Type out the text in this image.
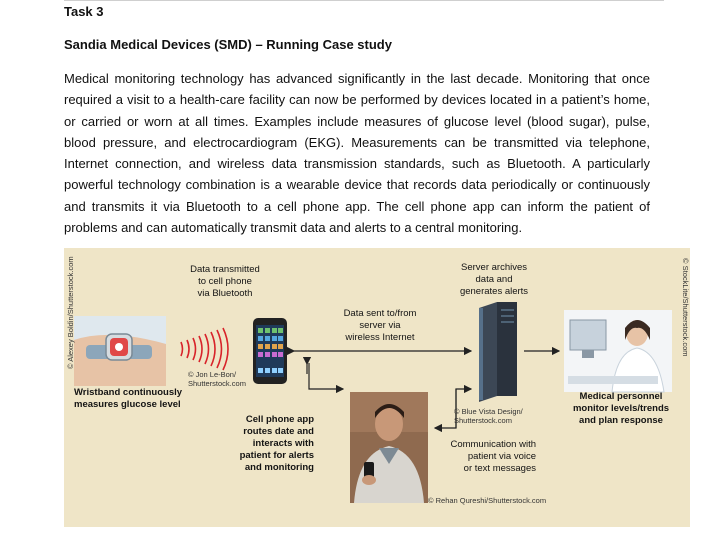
Task 3
Sandia Medical Devices (SMD) – Running Case study

Medical monitoring technology has advanced significantly in the last decade. Monitoring that once required a visit to a health-care facility can now be performed by devices located in a patient’s home, or carried or worn at all times. Examples include measures of glucose level (blood sugar), pulse, blood pressure, and electrocardiogram (EKG). Measurements can be transmitted via telephone, Internet connection, and wireless data transmission standards, such as Bluetooth. A particularly powerful technology combination is a wearable device that records data periodically or continuously and transmits it via Bluetooth to a cell phone app. The cell phone app can inform the patient of problems and can automatically transmit data and alerts to a central monitoring.

Data transmitted
to cell phone
via Bluetooth
Server archives
data and
generates alerts
Data sent to/from
server via
wireless Internet
Wristband continuously
measures glucose level
Cell phone app
routes date and
interacts with
patient for alerts
and monitoring
Communication with
patient via voice
or text messages
Medical personnel
monitor levels/trends
and plan response
© Jon Le-Bon/
Shutterstock.com
© Blue Vista Design/
Shutterstock.com
© Rehan Qureshi/Shutterstock.com
© Alexey Boldin/Shutterstock.com	© StockLite/Shutterstock.com
